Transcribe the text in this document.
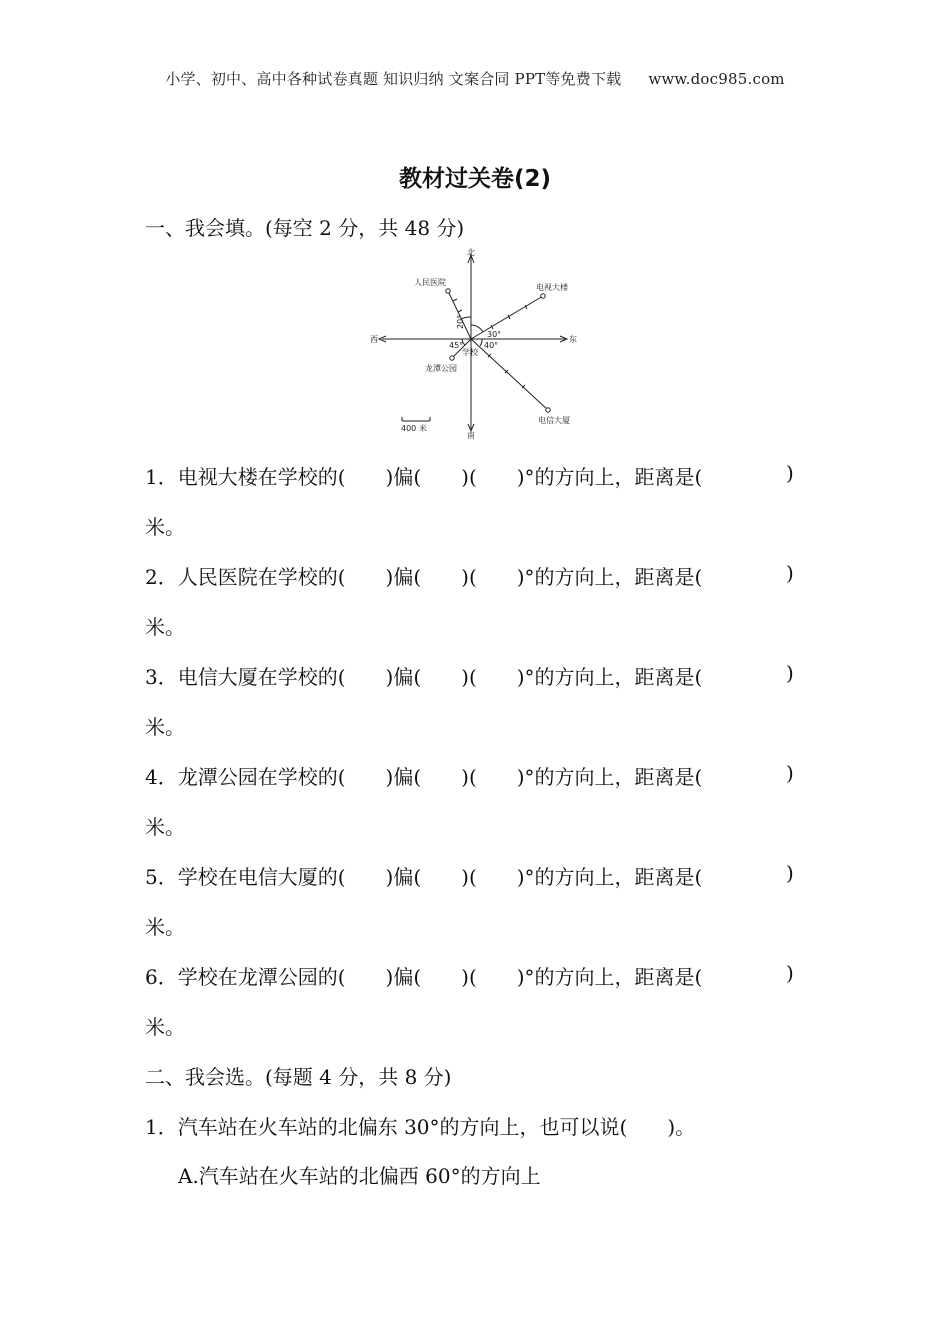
小学、初中、高中各种试卷真题 知识归纳 文案合同 PPT等免费下载 www.doc985.com
教材过关卷(2)
一、我会填。(每空 2 分，共 48 分)
北
南
东
西
人民医院
电视大楼
电信大厦
龙潭公园
学校
30°
40°
45°
20°
400 米
1．电视大楼在学校的(　　)偏(　　)(　　)°的方向上，距离是(	)
米。
2．人民医院在学校的(　　)偏(　　)(　　)°的方向上，距离是(	)
米。
3．电信大厦在学校的(　　)偏(　　)(　　)°的方向上，距离是(	)
米。
4．龙潭公园在学校的(　　)偏(　　)(　　)°的方向上，距离是(	)
米。
5．学校在电信大厦的(　　)偏(　　)(　　)°的方向上，距离是(	)
米。
6．学校在龙潭公园的(　　)偏(　　)(　　)°的方向上，距离是(	)
米。
二、我会选。(每题 4 分，共 8 分)
1．汽车站在火车站的北偏东 30°的方向上，也可以说(　　)。
A.汽车站在火车站的北偏西 60°的方向上
